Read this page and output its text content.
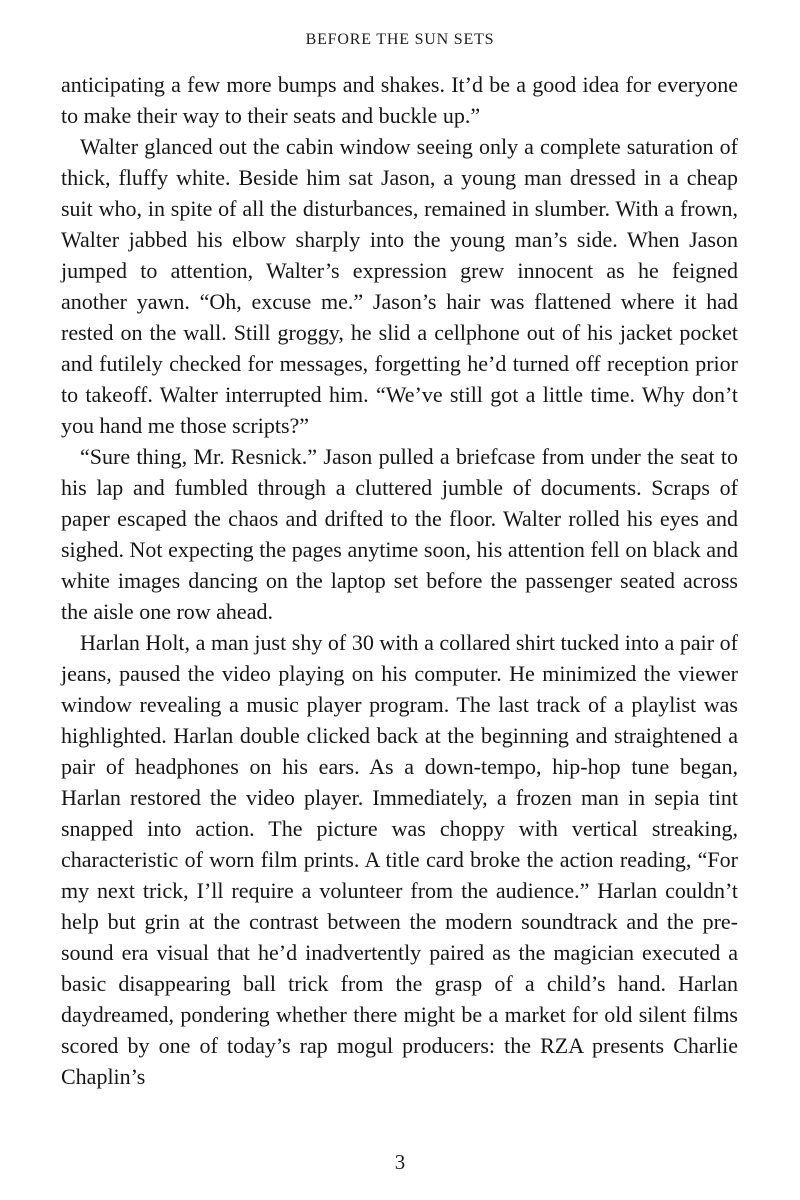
BEFORE THE SUN SETS

anticipating a few more bumps and shakes. It’d be a good idea for everyone to make their way to their seats and buckle up.”

Walter glanced out the cabin window seeing only a complete saturation of thick, fluffy white. Beside him sat Jason, a young man dressed in a cheap suit who, in spite of all the disturbances, remained in slumber. With a frown, Walter jabbed his elbow sharply into the young man’s side. When Jason jumped to attention, Walter’s expression grew innocent as he feigned another yawn. “Oh, excuse me.” Jason’s hair was flattened where it had rested on the wall. Still groggy, he slid a cellphone out of his jacket pocket and futilely checked for messages, forgetting he’d turned off reception prior to takeoff. Walter interrupted him. “We’ve still got a little time. Why don’t you hand me those scripts?”

“Sure thing, Mr. Resnick.” Jason pulled a briefcase from under the seat to his lap and fumbled through a cluttered jumble of documents. Scraps of paper escaped the chaos and drifted to the floor. Walter rolled his eyes and sighed. Not expecting the pages anytime soon, his attention fell on black and white images dancing on the laptop set before the passenger seated across the aisle one row ahead.

Harlan Holt, a man just shy of 30 with a collared shirt tucked into a pair of jeans, paused the video playing on his computer. He minimized the viewer window revealing a music player program. The last track of a playlist was highlighted. Harlan double clicked back at the beginning and straightened a pair of headphones on his ears. As a down-tempo, hip-hop tune began, Harlan restored the video player. Immediately, a frozen man in sepia tint snapped into action. The picture was choppy with vertical streaking, characteristic of worn film prints. A title card broke the action reading, “For my next trick, I’ll require a volunteer from the audience.” Harlan couldn’t help but grin at the contrast between the modern soundtrack and the pre-sound era visual that he’d inadvertently paired as the magician executed a basic disappearing ball trick from the grasp of a child’s hand. Harlan daydreamed, pondering whether there might be a market for old silent films scored by one of today’s rap mogul producers: the RZA presents Charlie Chaplin’s

3
